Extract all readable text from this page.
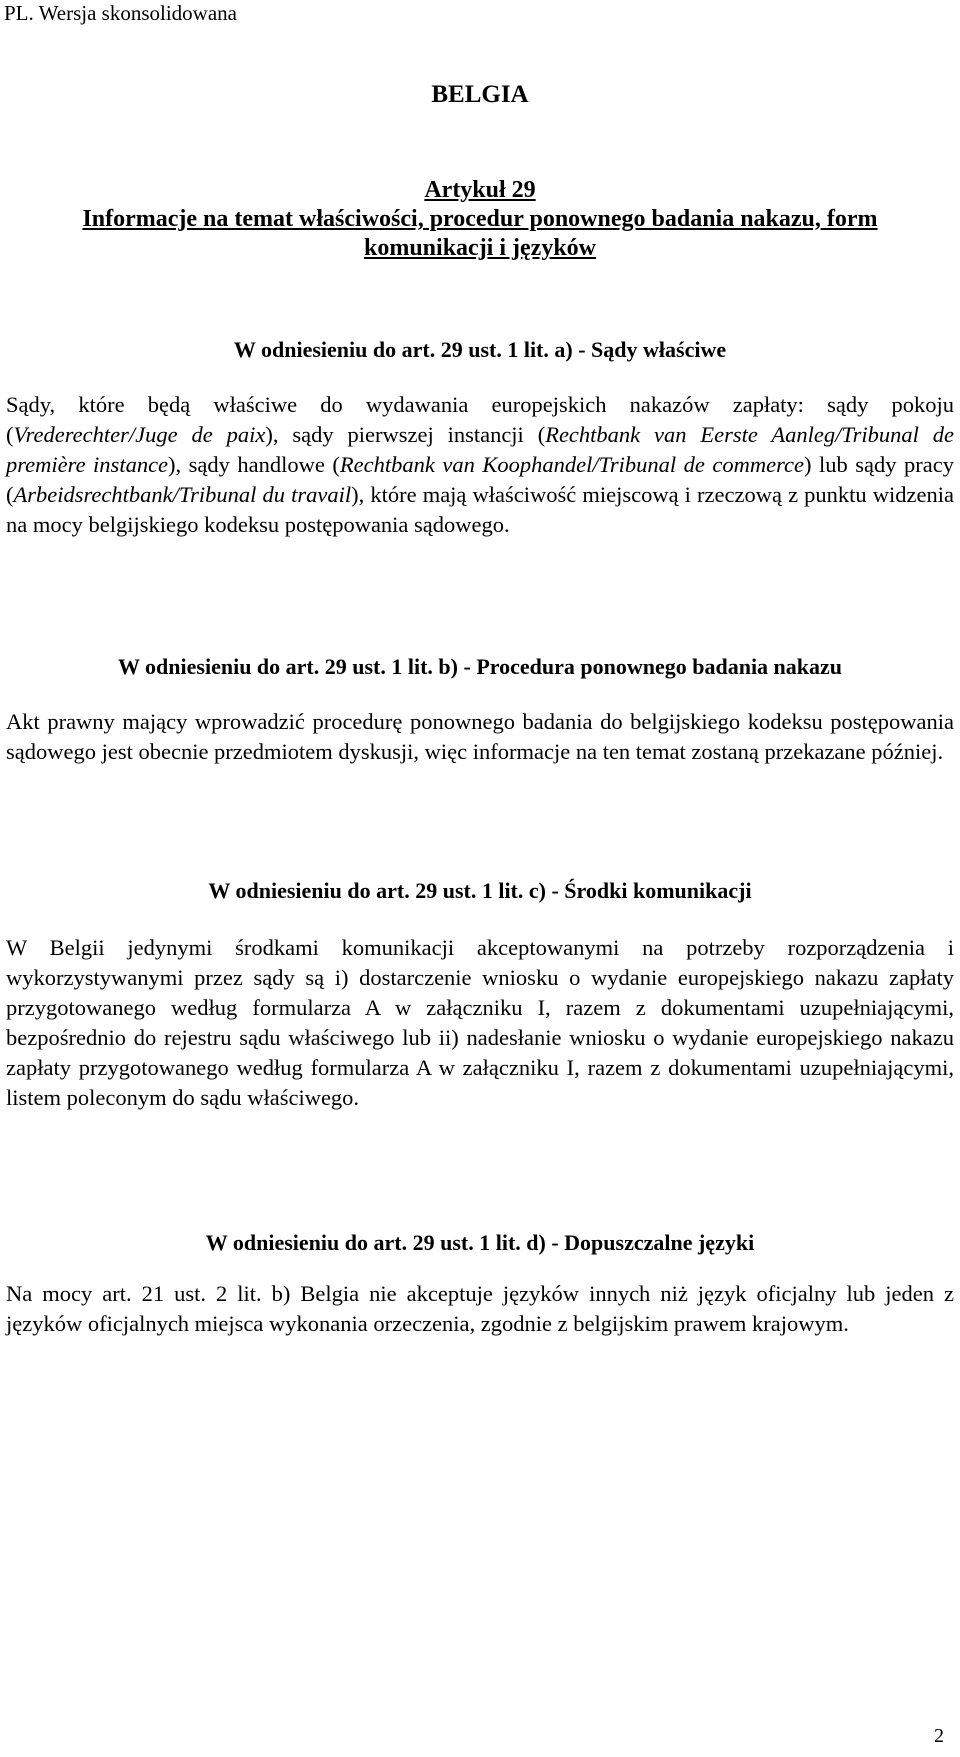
PL. Wersja skonsolidowana
BELGIA
Artykuł 29
Informacje na temat właściwości, procedur ponownego badania nakazu, form
komunikacji i języków

W odniesieniu do art. 29 ust. 1 lit. a) - Sądy właściwe

Sądy, które będą właściwe do wydawania europejskich nakazów zapłaty: sądy pokoju (Vrederechter/Juge de paix), sądy pierwszej instancji (Rechtbank van Eerste Aanleg/Tribunal de première instance), sądy handlowe (Rechtbank van Koophandel/Tribunal de commerce) lub sądy pracy (Arbeidsrechtbank/Tribunal du travail), które mają właściwość miejscową i rzeczową z punktu widzenia na mocy belgijskiego kodeksu postępowania sądowego.

W odniesieniu do art. 29 ust. 1 lit. b) - Procedura ponownego badania nakazu

Akt prawny mający wprowadzić procedurę ponownego badania do belgijskiego kodeksu postępowania sądowego jest obecnie przedmiotem dyskusji, więc informacje na ten temat zostaną przekazane później.

W odniesieniu do art. 29 ust. 1 lit. c) - Środki komunikacji

W Belgii jedynymi środkami komunikacji akceptowanymi na potrzeby rozporządzenia i wykorzystywanymi przez sądy są i) dostarczenie wniosku o wydanie europejskiego nakazu zapłaty przygotowanego według formularza A w załączniku I, razem z dokumentami uzupełniającymi, bezpośrednio do rejestru sądu właściwego lub ii) nadesłanie wniosku o wydanie europejskiego nakazu zapłaty przygotowanego według formularza A w załączniku I, razem z dokumentami uzupełniającymi, listem poleconym do sądu właściwego.

W odniesieniu do art. 29 ust. 1 lit. d) - Dopuszczalne języki

Na mocy art. 21 ust. 2 lit. b) Belgia nie akceptuje języków innych niż język oficjalny lub jeden z języków oficjalnych miejsca wykonania orzeczenia, zgodnie z belgijskim prawem krajowym.

2
